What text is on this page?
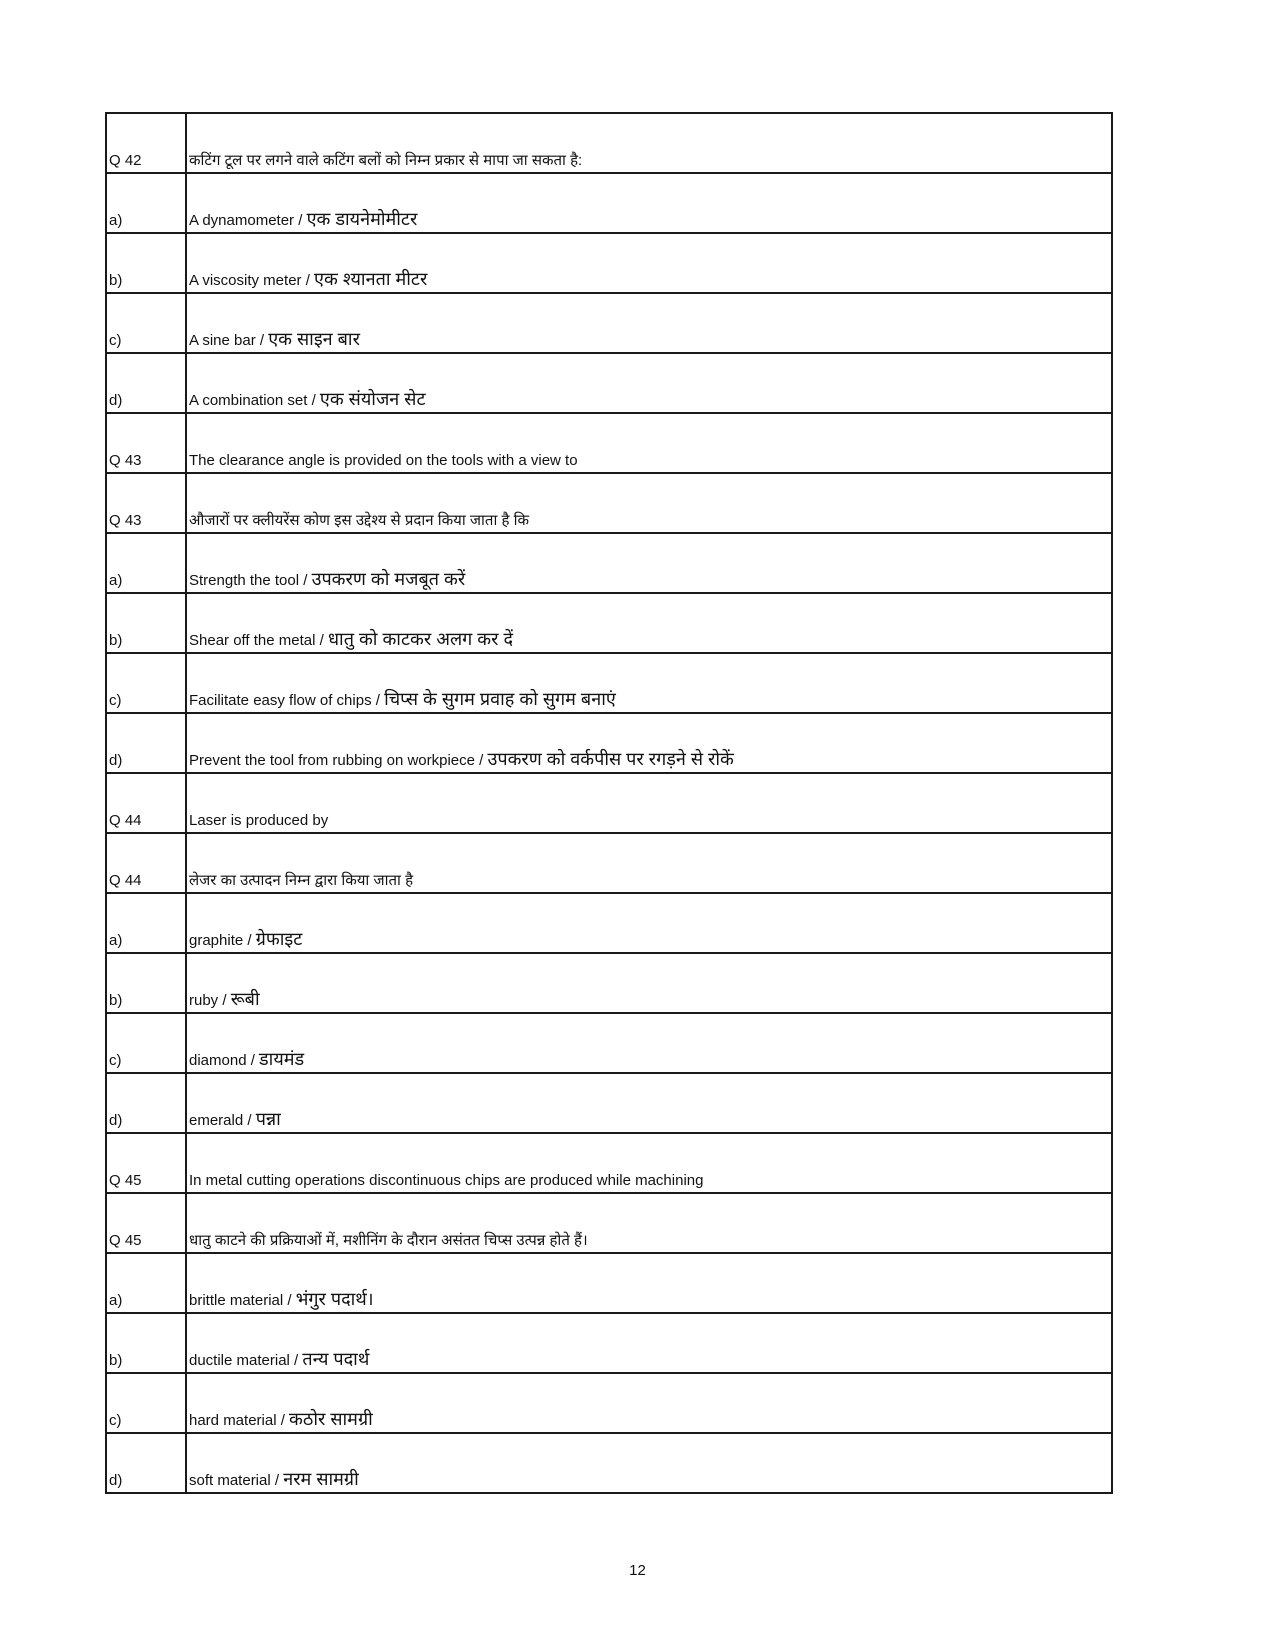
Q 42	कटिंग टूल पर लगने वाले कटिंग बलों को निम्न प्रकार से मापा जा सकता है:
a)	A dynamometer / एक डायनेमोमीटर
b)	A viscosity meter / एक श्यानता मीटर
c)	A sine bar / एक साइन बार
d)	A combination set / एक संयोजन सेट
Q 43	The clearance angle is provided on the tools with a view to
Q 43	औजारों पर क्लीयरेंस कोण इस उद्देश्य से प्रदान किया जाता है कि
a)	Strength the tool / उपकरण को मजबूत करें
b)	Shear off the metal / धातु को काटकर अलग कर दें
c)	Facilitate easy flow of chips / चिप्स के सुगम प्रवाह को सुगम बनाएं
d)	Prevent the tool from rubbing on workpiece / उपकरण को वर्कपीस पर रगड़ने से रोकें
Q 44	Laser is produced by
Q 44	लेजर का उत्पादन निम्न द्वारा किया जाता है
a)	graphite / ग्रेफाइट
b)	ruby / रूबी
c)	diamond / डायमंड
d)	emerald / पन्ना
Q 45	In metal cutting operations discontinuous chips are produced while machining
Q 45	धातु काटने की प्रक्रियाओं में, मशीनिंग के दौरान असंतत चिप्स उत्पन्न होते हैं।
a)	brittle material / भंगुर पदार्थ।
b)	ductile material / तन्य पदार्थ
c)	hard material / कठोर सामग्री
d)	soft material / नरम सामग्री
12
